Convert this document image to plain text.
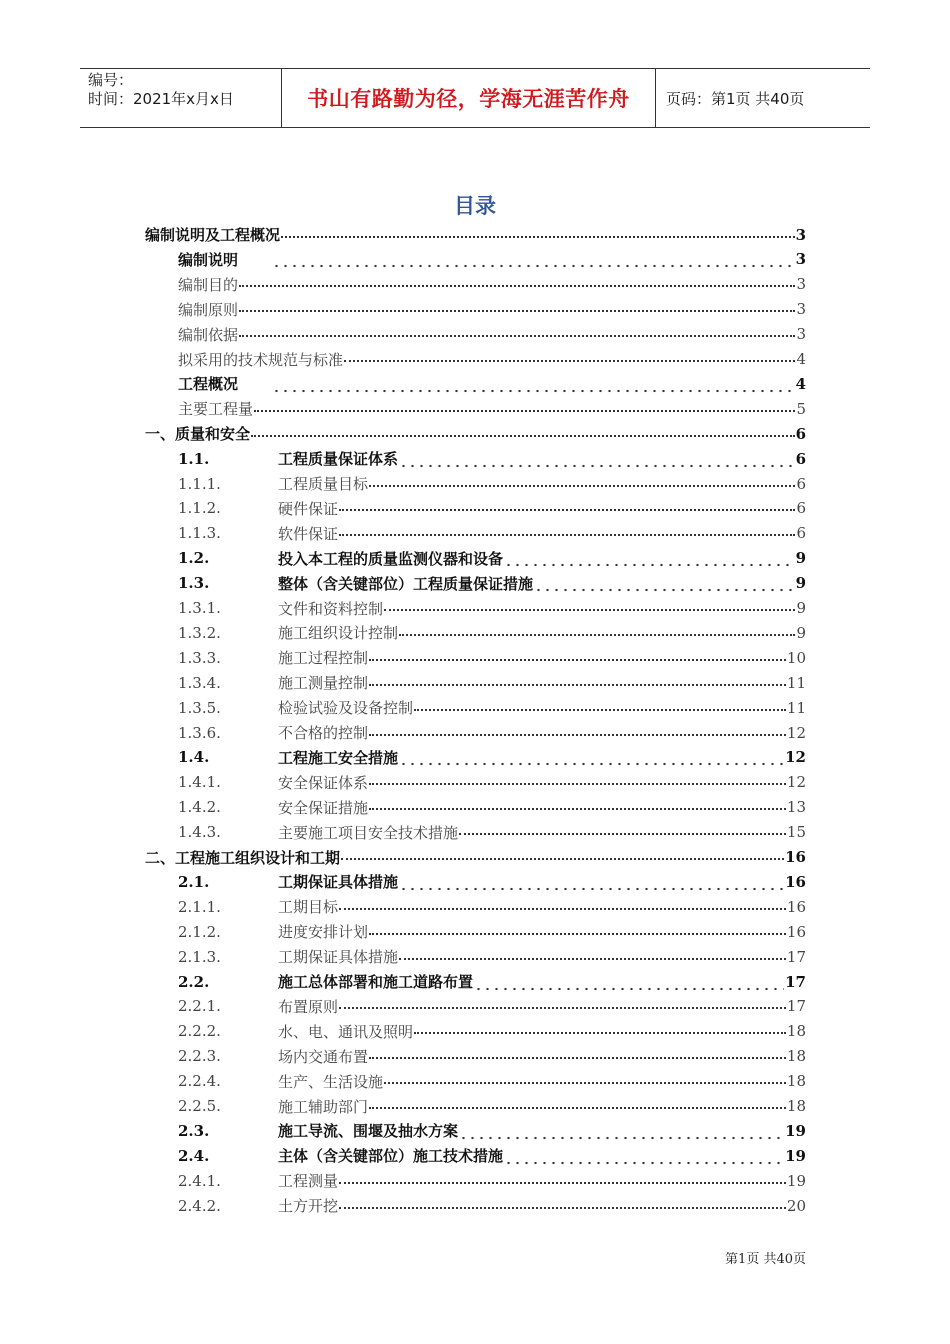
编号：
时间：2021年x月x日	书山有路勤为径，学海无涯苦作舟	页码：第1页 共40页
目录
编制说明及工程概况	3
编制说明	3
编制目的	3
编制原则	3
编制依据	3
拟采用的技术规范与标准	4
工程概况	4
主要工程量	5
一、质量和安全	6
1.1.	工程质量保证体系	6
1.1.1.	工程质量目标	6
1.1.2.	硬件保证	6
1.1.3.	软件保证	6
1.2.	投入本工程的质量监测仪器和设备	9
1.3.	整体（含关键部位）工程质量保证措施	9
1.3.1.	文件和资料控制	9
1.3.2.	施工组织设计控制	9
1.3.3.	施工过程控制	10
1.3.4.	施工测量控制	11
1.3.5.	检验试验及设备控制	11
1.3.6.	不合格的控制	12
1.4.	工程施工安全措施	12
1.4.1.	安全保证体系	12
1.4.2.	安全保证措施	13
1.4.3.	主要施工项目安全技术措施	15
二、工程施工组织设计和工期	16
2.1.	工期保证具体措施	16
2.1.1.	工期目标	16
2.1.2.	进度安排计划	16
2.1.3.	工期保证具体措施	17
2.2.	施工总体部署和施工道路布置	17
2.2.1.	布置原则	17
2.2.2.	水、电、通讯及照明	18
2.2.3.	场内交通布置	18
2.2.4.	生产、生活设施	18
2.2.5.	施工辅助部门	18
2.3.	施工导流、围堰及抽水方案	19
2.4.	主体（含关键部位）施工技术措施	19
2.4.1.	工程测量	19
2.4.2.	土方开挖	20
第1页 共40页
